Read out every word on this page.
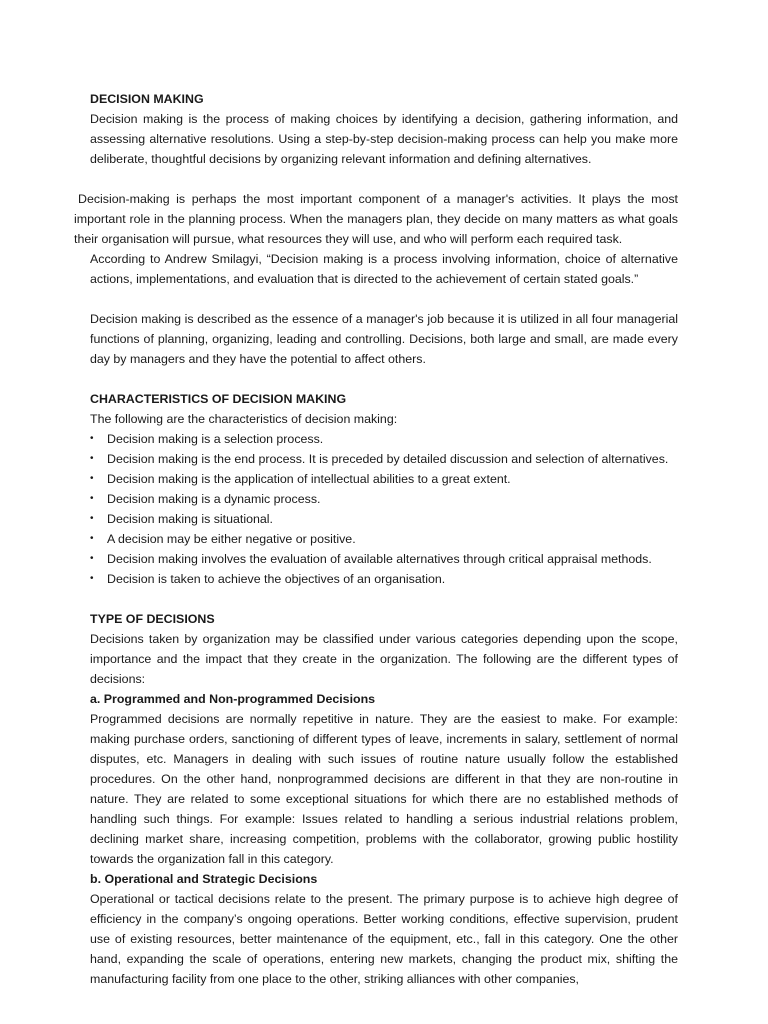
DECISION MAKING

Decision making is the process of making choices by identifying a decision, gathering information, and assessing alternative resolutions. Using a step-by-step decision-making process can help you make more deliberate, thoughtful decisions by organizing relevant information and defining alternatives.

Decision-making is perhaps the most important component of a manager's activities. It plays the most important role in the planning process. When the managers plan, they decide on many matters as what goals their organisation will pursue, what resources they will use, and who will perform each required task.

According to Andrew Smilagyi, “Decision making is a process involving information, choice of alternative actions, implementations, and evaluation that is directed to the achievement of certain stated goals.”

Decision making is described as the essence of a manager's job because it is utilized in all four managerial functions of planning, organizing, leading and controlling. Decisions, both large and small, are made every day by managers and they have the potential to affect others.

CHARACTERISTICS OF DECISION MAKING

The following are the characteristics of decision making:

• Decision making is a selection process.
• Decision making is the end process. It is preceded by detailed discussion and selection of alternatives.
• Decision making is the application of intellectual abilities to a great extent.
• Decision making is a dynamic process.
• Decision making is situational.
• A decision may be either negative or positive.
• Decision making involves the evaluation of available alternatives through critical appraisal methods.
• Decision is taken to achieve the objectives of an organisation.
TYPE OF DECISIONS

Decisions taken by organization may be classified under various categories depending upon the scope, importance and the impact that they create in the organization. The following are the different types of decisions:

a. Programmed and Non-programmed Decisions

Programmed decisions are normally repetitive in nature. They are the easiest to make. For example: making purchase orders, sanctioning of different types of leave, increments in salary, settlement of normal disputes, etc. Managers in dealing with such issues of routine nature usually follow the established procedures. On the other hand, nonprogrammed decisions are different in that they are non-routine in nature. They are related to some exceptional situations for which there are no established methods of handling such things. For example: Issues related to handling a serious industrial relations problem, declining market share, increasing competition, problems with the collaborator, growing public hostility towards the organization fall in this category.

b. Operational and Strategic Decisions

Operational or tactical decisions relate to the present. The primary purpose is to achieve high degree of efficiency in the company’s ongoing operations. Better working conditions, effective supervision, prudent use of existing resources, better maintenance of the equipment, etc., fall in this category. One the other hand, expanding the scale of operations, entering new markets, changing the product mix, shifting the manufacturing facility from one place to the other, striking alliances with other companies,
